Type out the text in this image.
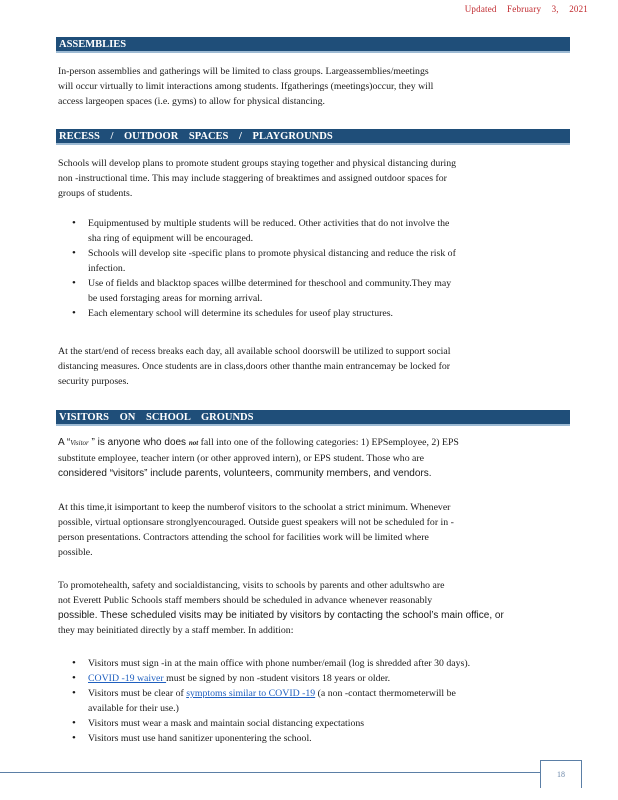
Updated February 3, 2021
ASSEMBLIES
In-person assemblies and gatherings will be limited to class groups. Largeassemblies/meetings
will occur virtually to limit interactions among students. Ifgatherings (meetings)occur, they will
access largeopen spaces (i.e. gyms) to allow for physical distancing.
RECESS / OUTDOOR SPACES / PLAYGROUNDS
Schools will develop plans to promote student groups staying together and physical distancing during
non -instructional time. This may include staggering of breaktimes and assigned outdoor spaces for
groups of students.
• Equipmentused by multiple students will be reduced. Other activities that do not involve the
sha ring of equipment will be encouraged.
• Schools will develop site -specific plans to promote physical distancing and reduce the risk of
infection.
• Use of fields and blacktop spaces willbe determined for theschool and community.They may
be used forstaging areas for morning arrival.
• Each elementary school will determine its schedules for useof play structures.
At the start/end of recess breaks each day, all available school doorswill be utilized to support social
distancing measures. Once students are in class,doors other thanthe main entrancemay be locked for
security purposes.
VISITORS ON SCHOOL GROUNDS
A “Visitor ” is anyone who does not fall into one of the following categories: 1) EPSemployee, 2) EPS
substitute employee, teacher intern (or other approved intern), or EPS student. Those who are
considered “visitors” include parents, volunteers, community members, and vendors.
At this time,it isimportant to keep the numberof visitors to the schoolat a strict minimum. Whenever
possible, virtual optionsare stronglyencouraged. Outside guest speakers will not be scheduled for in -
person presentations. Contractors attending the school for facilities work will be limited where
possible.
To promotehealth, safety and socialdistancing, visits to schools by parents and other adultswho are
not Everett Public Schools staff members should be scheduled in advance whenever reasonably
possible. These scheduled visits may be initiated by visitors by contacting the school’s main office, or
they may beinitiated directly by a staff member. In addition:
• Visitors must sign -in at the main office with phone number/email (log is shredded after 30 days).
• COVID -19 waiver must be signed by non -student visitors 18 years or older.
• Visitors must be clear of symptoms similar to COVID -19 (a non -contact thermometerwill be
available for their use.)
• Visitors must wear a mask and maintain social distancing expectations
• Visitors must use hand sanitizer uponentering the school.
18
